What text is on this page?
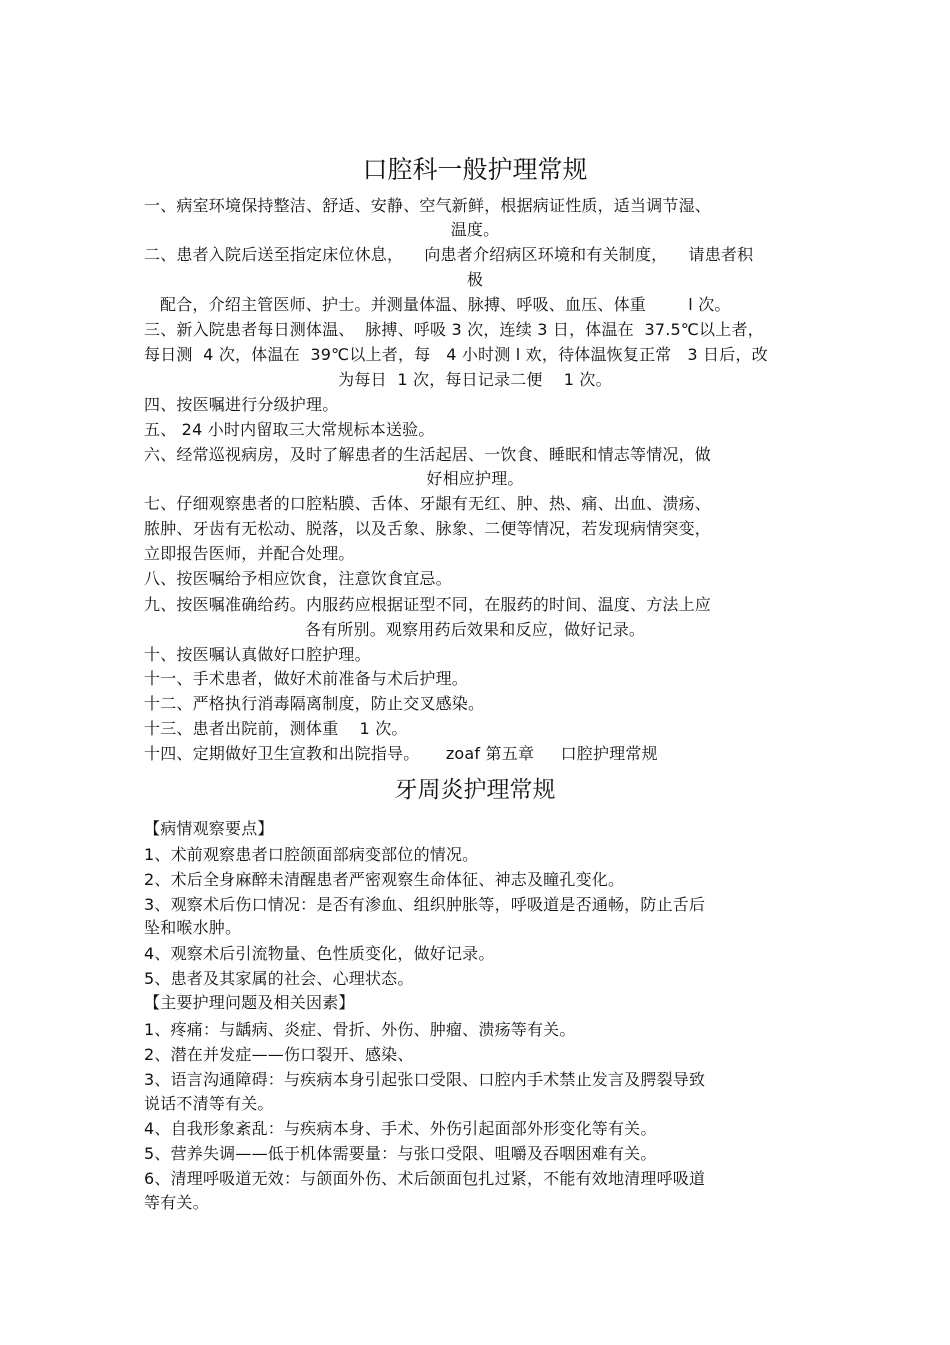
口腔科一般护理常规
一、病室环境保持整洁、舒适、安静、空气新鲜，根据病证性质，适当调节湿、
温度。
二、患者入院后送至指定床位休息，    向患者介绍病区环境和有关制度，    请患者积
极
配合，介绍主管医师、护士。并测量体温、脉搏、呼吸、血压、体重        l 次。
三、新入院患者每日测体温、  脉搏、呼吸 3 次，连续 3 日，体温在  37.5℃以上者，
每日测  4 次，体温在  39℃以上者，每   4 小时测 l 欢，待体温恢复正常   3 日后，改
为每日  1 次，每日记录二便    1 次。
四、按医嘱进行分级护理。
五、 24 小时内留取三大常规标本送验。
六、经常巡视病房，及时了解患者的生活起居、一饮食、睡眠和情志等情况，做
好相应护理。
七、仔细观察患者的口腔粘膜、舌体、牙龈有无红、肿、热、痛、出血、溃疡、
脓肿、牙齿有无松动、脱落，以及舌象、脉象、二便等情况，若发现病情突变，
立即报告医师，并配合处理。
八、按医嘱给予相应饮食，注意饮食宜忌。
九、按医嘱准确给药。内服药应根据证型不同，在服药的时间、温度、方法上应
各有所别。观察用药后效果和反应，做好记录。
十、按医嘱认真做好口腔护理。
十一、手术患者，做好术前准备与术后护理。
十二、严格执行消毒隔离制度，防止交叉感染。
十三、患者出院前，测体重    1 次。
十四、定期做好卫生宣教和出院指导。     zoaf 第五章     口腔护理常规
牙周炎护理常规
【病情观察要点】
1、术前观察患者口腔颌面部病变部位的情况。
2、术后全身麻醉未清醒患者严密观察生命体征、神志及瞳孔变化。
3、观察术后伤口情况：是否有渗血、组织肿胀等，呼吸道是否通畅，防止舌后
坠和喉水肿。
4、观察术后引流物量、色性质变化，做好记录。
5、患者及其家属的社会、心理状态。
【主要护理问题及相关因素】
1、疼痛：与龋病、炎症、骨折、外伤、肿瘤、溃疡等有关。
2、潜在并发症——伤口裂开、感染、
3、语言沟通障碍：与疾病本身引起张口受限、口腔内手术禁止发言及腭裂导致
说话不清等有关。
4、自我形象紊乱：与疾病本身、手术、外伤引起面部外形变化等有关。
5、营养失调——低于机体需要量：与张口受限、咀嚼及吞咽困难有关。
6、清理呼吸道无效：与颌面外伤、术后颌面包扎过紧，不能有效地清理呼吸道
等有关。
